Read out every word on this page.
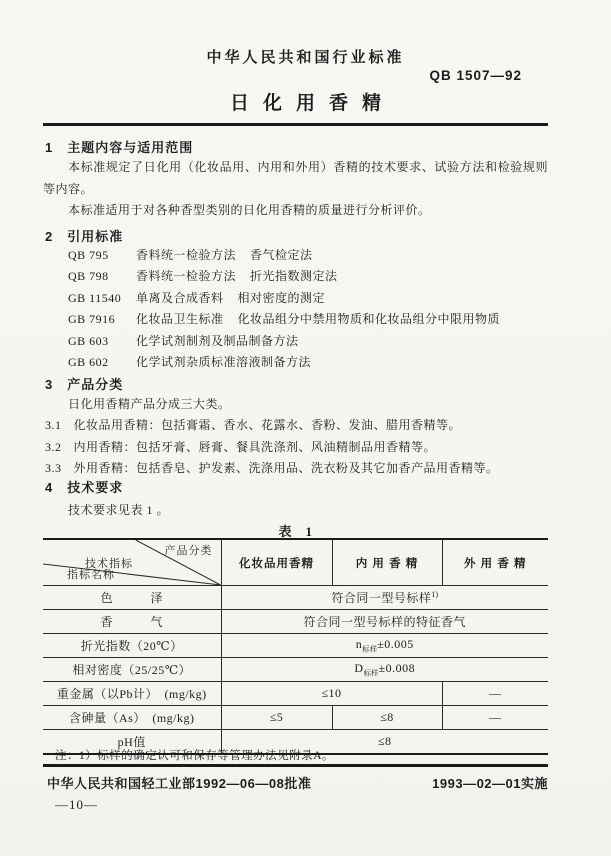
中华人民共和国行业标准
QB 1507—92
日化用香精
1　主题内容与适用范围
本标准规定了日化用（化妆品用、内用和外用）香精的技术要求、试验方法和检验规则等内容。
本标准适用于对各种香型类别的日化用香精的质量进行分析评价。
2　引用标准
QB 795 香料统一检验方法 香气检定法
QB 798 香料统一检验方法 折光指数测定法
GB 11540 单离及合成香料 相对密度的测定
GB 7916 化妆品卫生标准 化妆品组分中禁用物质和化妆品组分中限用物质
GB 603 化学试剂制剂及制品制备方法
GB 602 化学试剂杂质标准溶液制备方法
3　产品分类
日化用香精产品分成三大类。
3.1 化妆品用香精：包括膏霜、香水、花露水、香粉、发油、腊用香精等。
3.2 内用香精：包括牙膏、唇膏、餐具洗涤剂、风油精制品用香精等。
3.3 外用香精：包括香皂、护发素、洗涤用品、洗衣粉及其它加香产品用香精等。
4　技术要求
技术要求见表 1 。
表　1
产品分类
技术指标
指标名称	化妆品用香精	内 用 香 精	外 用 香 精
色　　　泽	符合同一型号标样$^{1)}$
香　　　气	符合同一型号标样的特征香气		
折光指数（20℃）	$n_{标样}\pm 0.005$		
相对密度（25/25℃）	$D_{标样}\pm 0.008$		
重金属（以Pb计）　(mg/kg)	≤10		—
含砷量（As）　(mg/kg)	≤5	≤8	—
pH值	≤8		
注：1）标样的确定认可和保存等管理办法见附录A。
中华人民共和国轻工业部1992—06—08批准	1993—02—01实施
—10—
